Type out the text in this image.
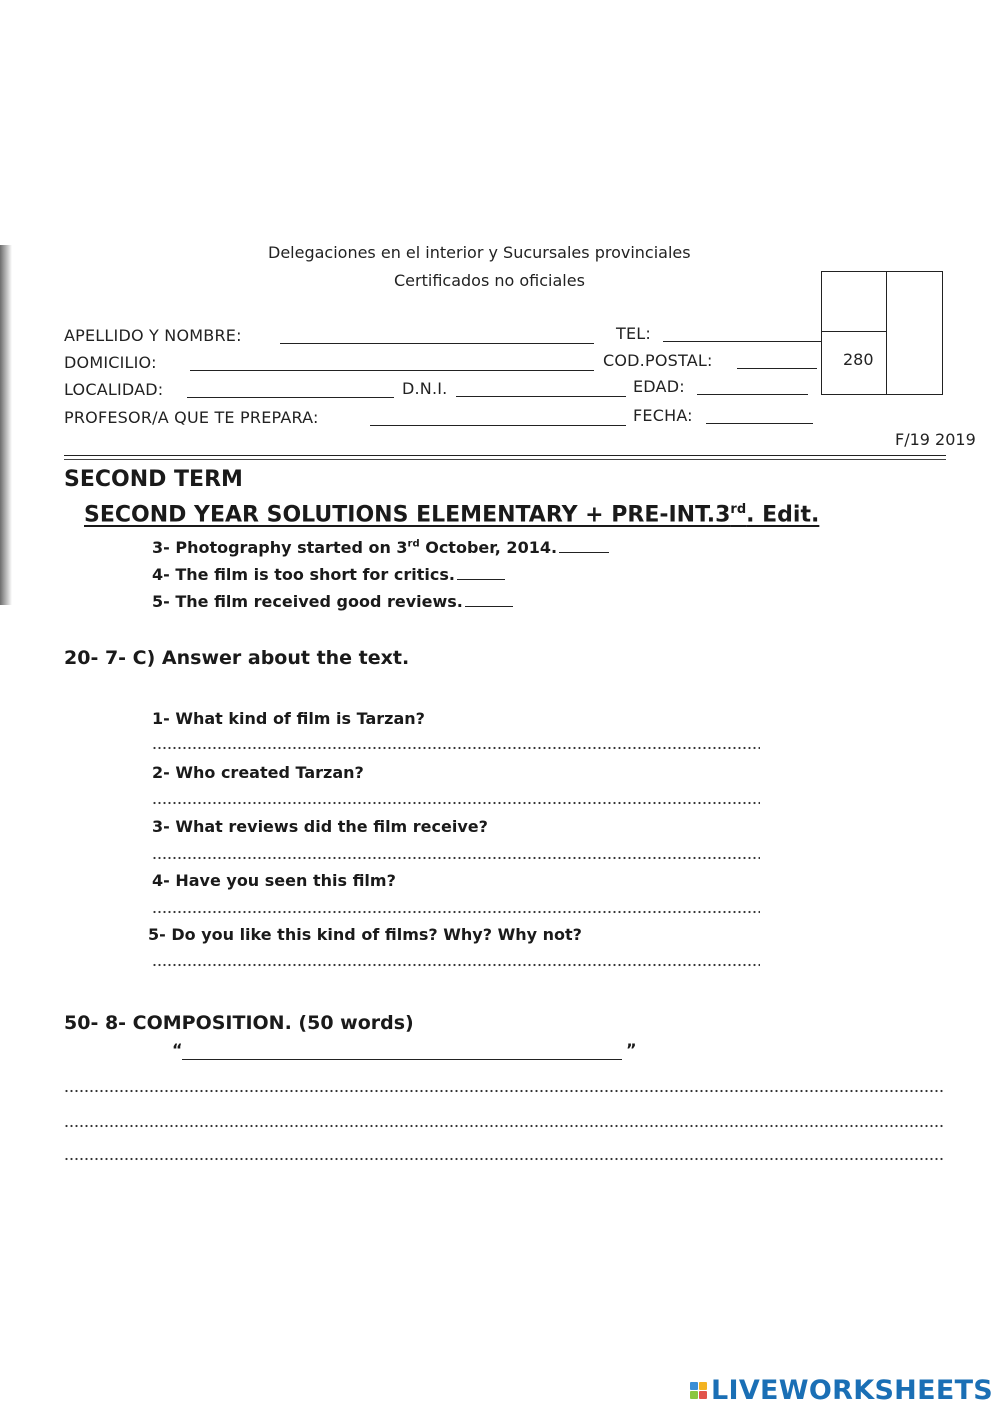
Delegaciones en el interior y Sucursales provinciales
Certificados no oficiales
APELLIDO Y NOMBRE:	TEL:
DOMICILIO:	COD.POSTAL:
LOCALIDAD:	D.N.I.	EDAD:
PROFESOR/A QUE TE PREPARA:	FECHA:
280
F/19 2019
SECOND TERM
SECOND YEAR SOLUTIONS ELEMENTARY + PRE-INT.3rd. Edit.
3- Photography started on 3rd October, 2014.
4- The film is too short for critics.
5- The film received good reviews.
20- 7- C) Answer about the text.
1- What kind of film is Tarzan?
2- Who created Tarzan?
3- What reviews did the film receive?
4- Have you seen this film?
5- Do you like this kind of films? Why? Why not?
50- 8- COMPOSITION. (50 words)
“	”
LIVEWORKSHEETS
